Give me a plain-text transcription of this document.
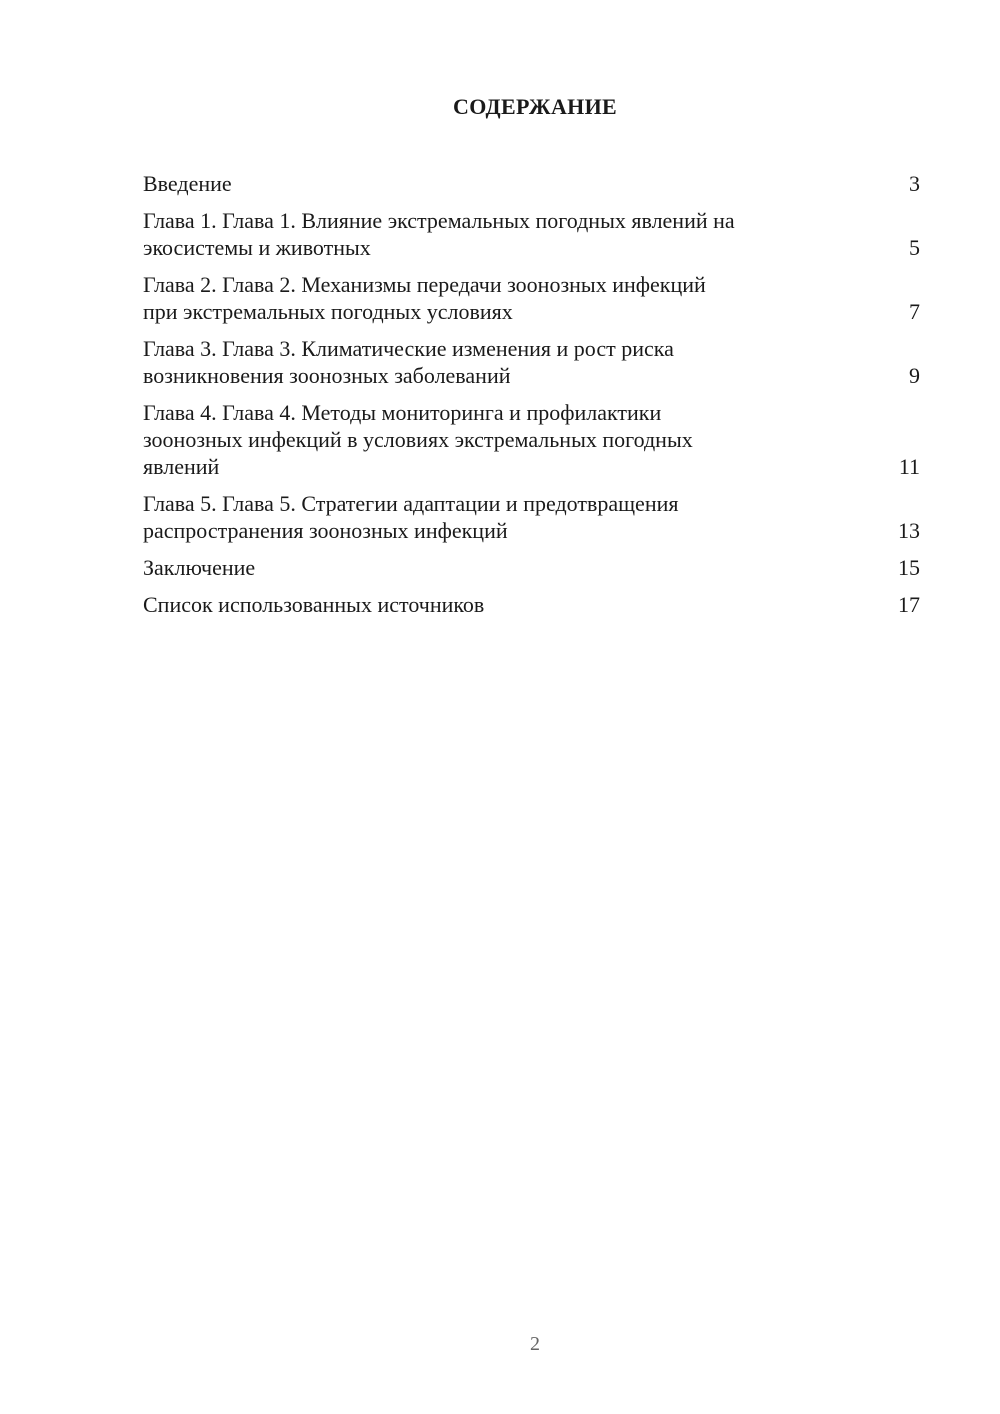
СОДЕРЖАНИЕ
Введение	3
Глава 1. Глава 1. Влияние экстремальных погодных явлений на
экосистемы и животных	5
Глава 2. Глава 2. Механизмы передачи зоонозных инфекций
при экстремальных погодных условиях	7
Глава 3. Глава 3. Климатические изменения и рост риска
возникновения зоонозных заболеваний	9
Глава 4. Глава 4. Методы мониторинга и профилактики
зоонозных инфекций в условиях экстремальных погодных
явлений	11
Глава 5. Глава 5. Стратегии адаптации и предотвращения
распространения зоонозных инфекций	13
Заключение	15
Список использованных источников	17
2
